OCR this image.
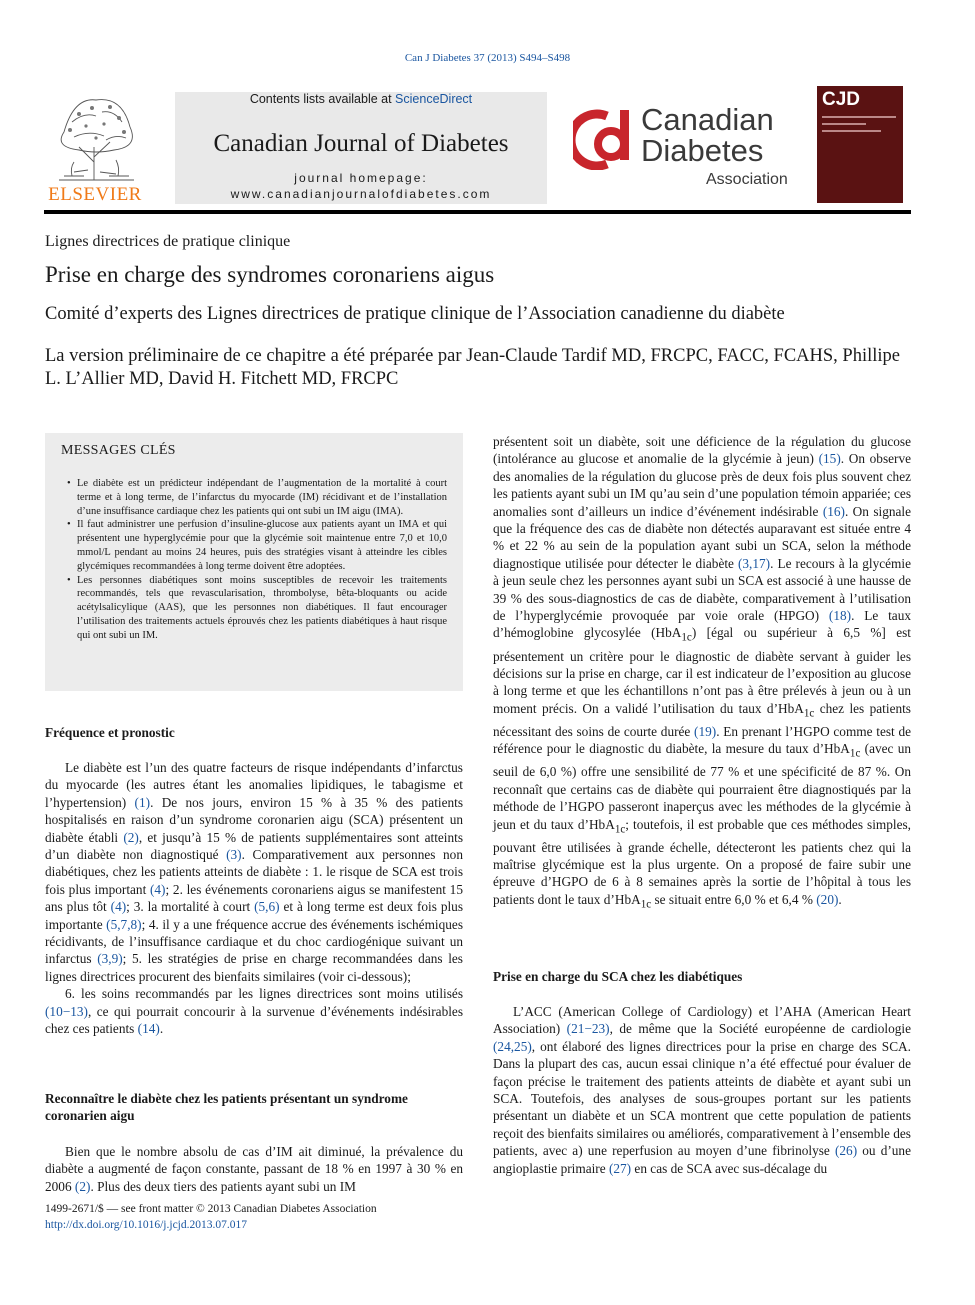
Can J Diabetes 37 (2013) S494–S498
ELSEVIER
Contents lists available at ScienceDirect
Canadian Journal of Diabetes
journal homepage:
www.canadianjournalofdiabetes.com
Canadian
Diabetes
Association
CJD
Lignes directrices de pratique clinique
Prise en charge des syndromes coronariens aigus
Comité d’experts des Lignes directrices de pratique clinique de l’Association canadienne du diabète
La version préliminaire de ce chapitre a été préparée par Jean-Claude Tardif MD, FRCPC, FACC, FCAHS, Phillipe L. L’Allier MD, David H. Fitchett MD, FRCPC
MESSAGES CLÉS
• Le diabète est un prédicteur indépendant de l’augmentation de la mortalité à court terme et à long terme, de l’infarctus du myocarde (IM) récidivant et de l’installation d’une insuffisance cardiaque chez les patients qui ont subi un IM aigu (IMA).
• Il faut administrer une perfusion d’insuline-glucose aux patients ayant un IMA et qui présentent une hyperglycémie pour que la glycémie soit maintenue entre 7,0 et 10,0 mmol/L pendant au moins 24 heures, puis des stratégies visant à atteindre les cibles glycémiques recommandées à long terme doivent être adoptées.
• Les personnes diabétiques sont moins susceptibles de recevoir les traitements recommandés, tels que revascularisation, thrombolyse, bêta-bloquants ou acide acétylsalicylique (AAS), que les personnes non diabétiques. Il faut encourager l’utilisation des traitements actuels éprouvés chez les patients diabétiques à haut risque qui ont subi un IM.

Fréquence et pronostic

Le diabète est l’un des quatre facteurs de risque indépendants d’infarctus du myocarde (les autres étant les anomalies lipidiques, le tabagisme et l’hypertension) (1). De nos jours, environ 15 % à 35 % des patients hospitalisés en raison d’un syndrome coronarien aigu (SCA) présentent un diabète établi (2), et jusqu’à 15 % de patients supplémentaires sont atteints d’un diabète non diagnostiqué (3). Comparativement aux personnes non diabétiques, chez les patients atteints de diabète : 1. le risque de SCA est trois fois plus important (4); 2. les événements coronariens aigus se manifestent 15 ans plus tôt (4); 3. la mortalité à court (5,6) et à long terme est deux fois plus importante (5,7,8); 4. il y a une fréquence accrue des événements ischémiques récidivants, de l’insuffisance cardiaque et du choc cardiogénique suivant un infarctus (3,9); 5. les stratégies de prise en charge recommandées dans les lignes directrices procurent des bienfaits similaires (voir ci-dessous);

6. les soins recommandés par les lignes directrices sont moins utilisés (10−13), ce qui pourrait concourir à la survenue d’événements indésirables chez ces patients (14).

Reconnaître le diabète chez les patients présentant un syndrome coronarien aigu

Bien que le nombre absolu de cas d’IM ait diminué, la prévalence du diabète a augmenté de façon constante, passant de 18 % en 1997 à 30 % en 2006 (2). Plus des deux tiers des patients ayant subi un IM

présentent soit un diabète, soit une déficience de la régulation du glucose (intolérance au glucose et anomalie de la glycémie à jeun) (15). On observe des anomalies de la régulation du glucose près de deux fois plus souvent chez les patients ayant subi un IM qu’au sein d’une population témoin appariée; ces anomalies sont d’ailleurs un indice d’événement indésirable (16). On signale que la fréquence des cas de diabète non détectés auparavant est située entre 4 % et 22 % au sein de la population ayant subi un SCA, selon la méthode diagnostique utilisée pour détecter le diabète (3,17). Le recours à la glycémie à jeun seule chez les personnes ayant subi un SCA est associé à une hausse de 39 % des sous-diagnostics de cas de diabète, comparativement à l’utilisation de l’hyperglycémie provoquée par voie orale (HPGO) (18). Le taux d’hémoglobine glycosylée (HbA$_{1c}$) [égal ou supérieur à 6,5 %] est présentement un critère pour le diagnostic de diabète servant à guider les décisions sur la prise en charge, car il est indicateur de l’exposition au glucose à long terme et que les échantillons n’ont pas à être prélevés à jeun ou à un moment précis. On a validé l’utilisation du taux d’HbA$_{1c}$ chez les patients nécessitant des soins de courte durée (19). En prenant l’HGPO comme test de référence pour le diagnostic du diabète, la mesure du taux d’HbA$_{1c}$ (avec un seuil de 6,0 %) offre une sensibilité de 77 % et une spécificité de 87 %. On reconnaît que certains cas de diabète qui pourraient être diagnostiqués par la méthode de l’HGPO passeront inaperçus avec les méthodes de la glycémie à jeun et du taux d’HbA$_{1c}$; toutefois, il est probable que ces méthodes simples, pouvant être utilisées à grande échelle, détecteront les patients chez qui la maîtrise glycémique est la plus urgente. On a proposé de faire subir une épreuve d’HGPO de 6 à 8 semaines après la sortie de l’hôpital à tous les patients dont le taux d’HbA$_{1c}$ se situait entre 6,0 % et 6,4 % (20).

Prise en charge du SCA chez les diabétiques

L’ACC (American College of Cardiology) et l’AHA (American Heart Association) (21−23), de même que la Société européenne de cardiologie (24,25), ont élaboré des lignes directrices pour la prise en charge des SCA. Dans la plupart des cas, aucun essai clinique n’a été effectué pour évaluer de façon précise le traitement des patients atteints de diabète et ayant subi un SCA. Toutefois, des analyses de sous-groupes portant sur les patients présentant un diabète et un SCA montrent que cette population de patients reçoit des bienfaits similaires ou améliorés, comparativement à l’ensemble des patients, avec a) une reperfusion au moyen d’une fibrinolyse (26) ou d’une angioplastie primaire (27) en cas de SCA avec sus-décalage du

1499-2671/$ — see front matter © 2013 Canadian Diabetes Association
http://dx.doi.org/10.1016/j.jcjd.2013.07.017
